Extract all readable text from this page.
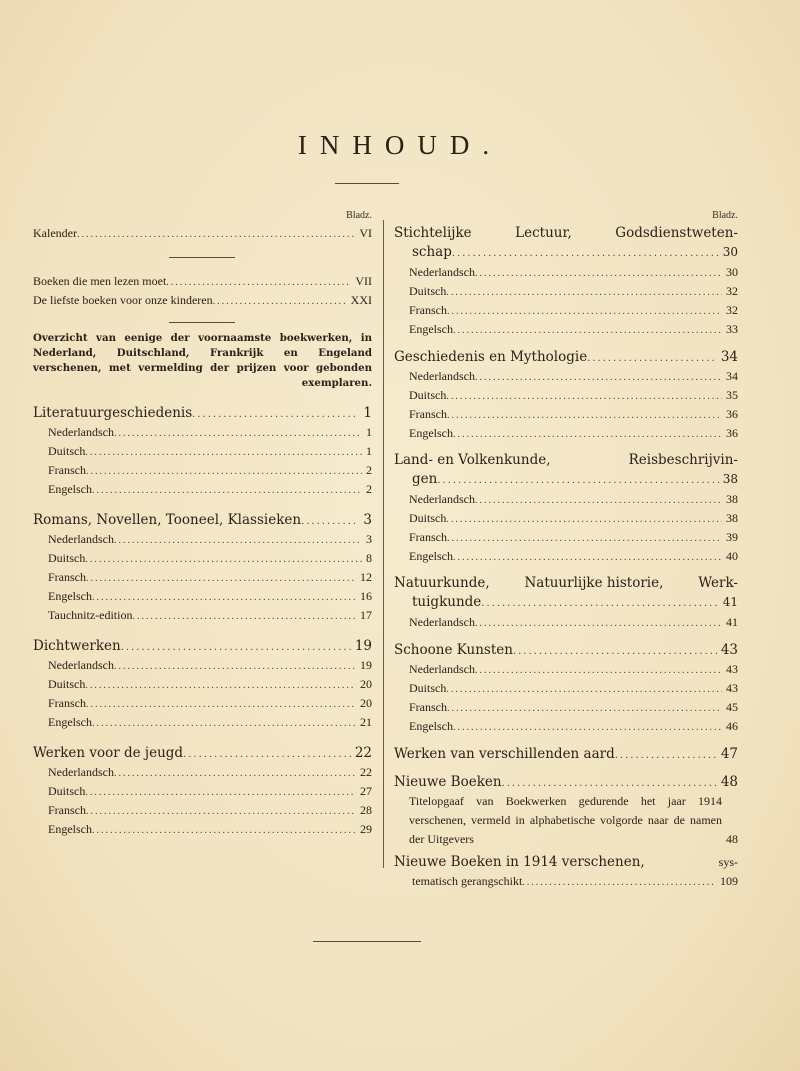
INHOUD.
Bladz.
Kalender .....	VI
Boeken die men lezen moet .....	VII
De liefste boeken voor onze kinderen .....	XXI
Overzicht van eenige der voornaamste boekwerken, in Nederland, Duitschland, Frankrijk en Engeland verschenen, met vermelding der prijzen voor gebonden exemplaren.
Literatuurgeschiedenis .....	1
Nederlandsch .....	1
Duitsch .....	1
Fransch .....	2
Engelsch .....	2
Romans, Novellen, Tooneel, Klassieken .....	3
Nederlandsch .....	3
Duitsch .....	8
Fransch .....	12
Engelsch .....	16
Tauchnitz-edition .....	17
Dichtwerken .....	19
Nederlandsch .....	19
Duitsch .....	20
Fransch .....	20
Engelsch .....	21
Werken voor de jeugd .....	22
Nederlandsch .....	22
Duitsch .....	27
Fransch .....	28
Engelsch .....	29
Bladz.
Stichtelijke	Lectuur,	Godsdienstweten-
schap .....	30
Nederlandsch .....	30
Duitsch .....	32
Fransch .....	32
Engelsch .....	33
Geschiedenis en Mythologie .....	34
Nederlandsch .....	34
Duitsch .....	35
Fransch .....	36
Engelsch .....	36
Land- en Volkenkunde,	Reisbeschrijvin-
gen .....	38
Nederlandsch .....	38
Duitsch .....	38
Fransch .....	39
Engelsch .....	40
Natuurkunde,	Natuurlijke historie,	Werk-
tuigkunde .....	41
Nederlandsch .....	41
Schoone Kunsten .....	43
Nederlandsch .....	43
Duitsch .....	43
Fransch .....	45
Engelsch .....	46
Werken van verschillenden aard .....	47
Nieuwe Boeken .....	48
Titelopgaaf van Boekwerken gedurende het jaar 1914 verschenen, vermeld in alphabetische volgorde naar de namen der Uitgevers	48
Nieuwe Boeken in 1914 verschenen,	sys-
tematisch gerangschikt .....	109
